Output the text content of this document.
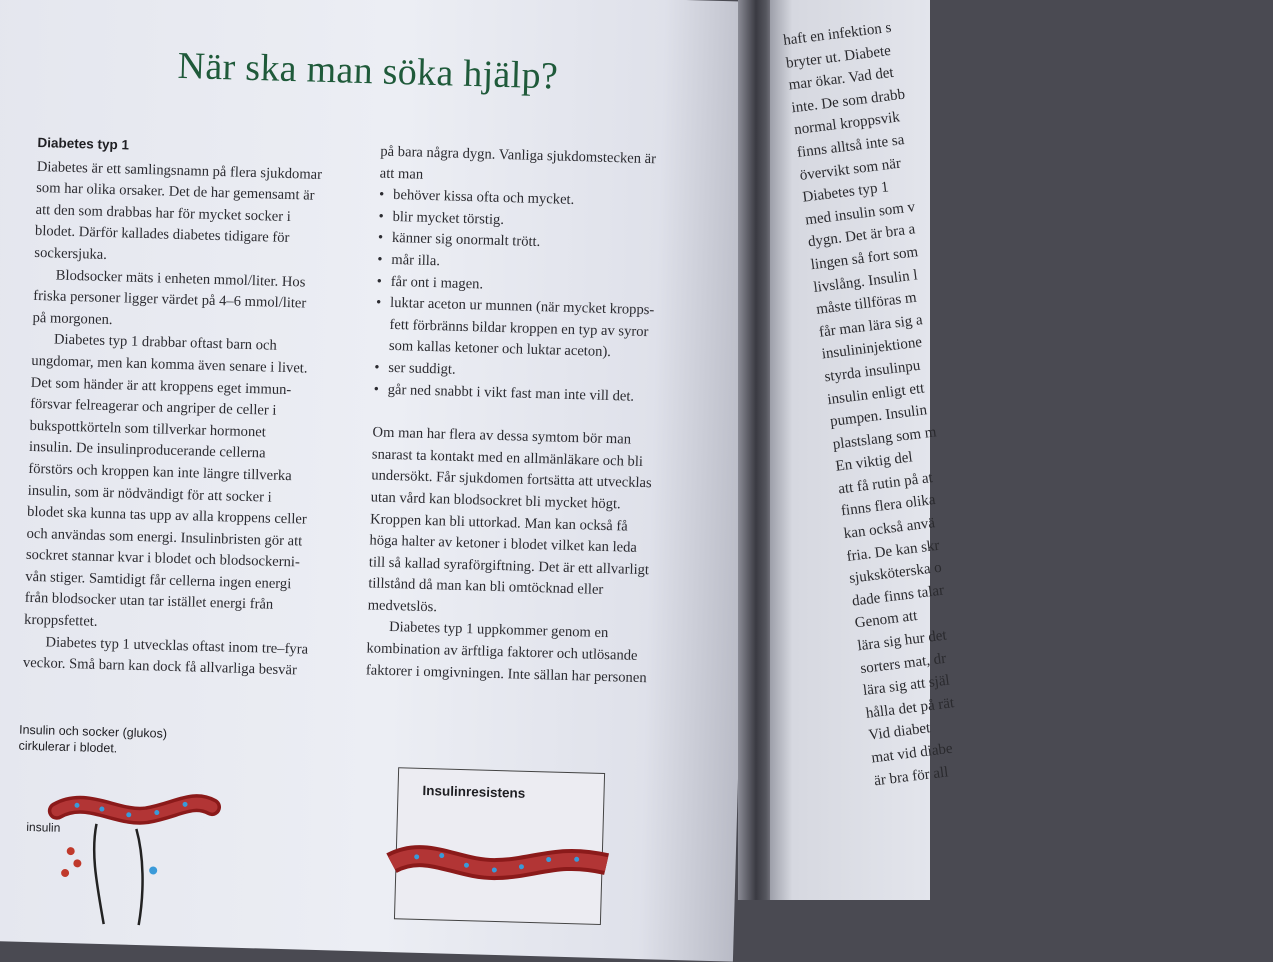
När ska man söka hjälp?
Diabetes typ 1
Diabetes är ett samlingsnamn på flera sjukdomar
som har olika orsaker. Det de har gemensamt är
att den som drabbas har för mycket socker i
blodet. Därför kallades diabetes tidigare för
sockersjuka.
Blodsocker mäts i enheten mmol/liter. Hos
friska personer ligger värdet på 4–6 mmol/liter
på morgonen.
Diabetes typ 1 drabbar oftast barn och
ungdomar, men kan komma även senare i livet.
Det som händer är att kroppens eget immun-
försvar felreagerar och angriper de celler i
bukspottkörteln som tillverkar hormonet
insulin. De insulinproducerande cellerna
förstörs och kroppen kan inte längre tillverka
insulin, som är nödvändigt för att socker i
blodet ska kunna tas upp av alla kroppens celler
och användas som energi. Insulinbristen gör att
sockret stannar kvar i blodet och blodsockerni-
vån stiger. Samtidigt får cellerna ingen energi
från blodsocker utan tar istället energi från
kroppsfettet.
Diabetes typ 1 utvecklas oftast inom tre–fyra
veckor. Små barn kan dock få allvarliga besvär
på bara några dygn. Vanliga sjukdomstecken är
att man
• behöver kissa ofta och mycket.
• blir mycket törstig.
• känner sig onormalt trött.
• mår illa.
• får ont i magen.
• luktar aceton ur munnen (när mycket kropps-
fett förbränns bildar kroppen en typ av syror
som kallas ketoner och luktar aceton).
• ser suddigt.
• går ned snabbt i vikt fast man inte vill det.
Om man har flera av dessa symtom bör man
snarast ta kontakt med en allmänläkare och bli
undersökt. Får sjukdomen fortsätta att utvecklas
utan vård kan blodsockret bli mycket högt.
Kroppen kan bli uttorkad. Man kan också få
höga halter av ketoner i blodet vilket kan leda
till så kallad syraförgiftning. Det är ett allvarligt
tillstånd då man kan bli omtöcknad eller
medvetslös.
Diabetes typ 1 uppkommer genom en
kombination av ärftliga faktorer och utlösande
faktorer i omgivningen. Inte sällan har personen
Insulin och socker (glukos)
cirkulerar i blodet.
insulin
Insulinresistens
haft en infektion s
bryter ut. Diabete
mar ökar. Vad det
inte. De som drabb
normal kroppsvik
finns alltså inte sa
övervikt som när
Diabetes typ 1
med insulin som v
dygn. Det är bra a
lingen så fort som
livslång. Insulin l
måste tillföras m
får man lära sig a
insulininjektione
styrda insulinpu
insulin enligt ett
pumpen. Insulin
plastslang som m
En viktig del
att få rutin på at
finns flera olika
kan också anvä
fria. De kan skr
sjuksköterska o
dade finns talar
Genom att
lära sig hur det
sorters mat, dr
lära sig att själ
hålla det på rät
Vid diabet
mat vid diabe
är bra för all
